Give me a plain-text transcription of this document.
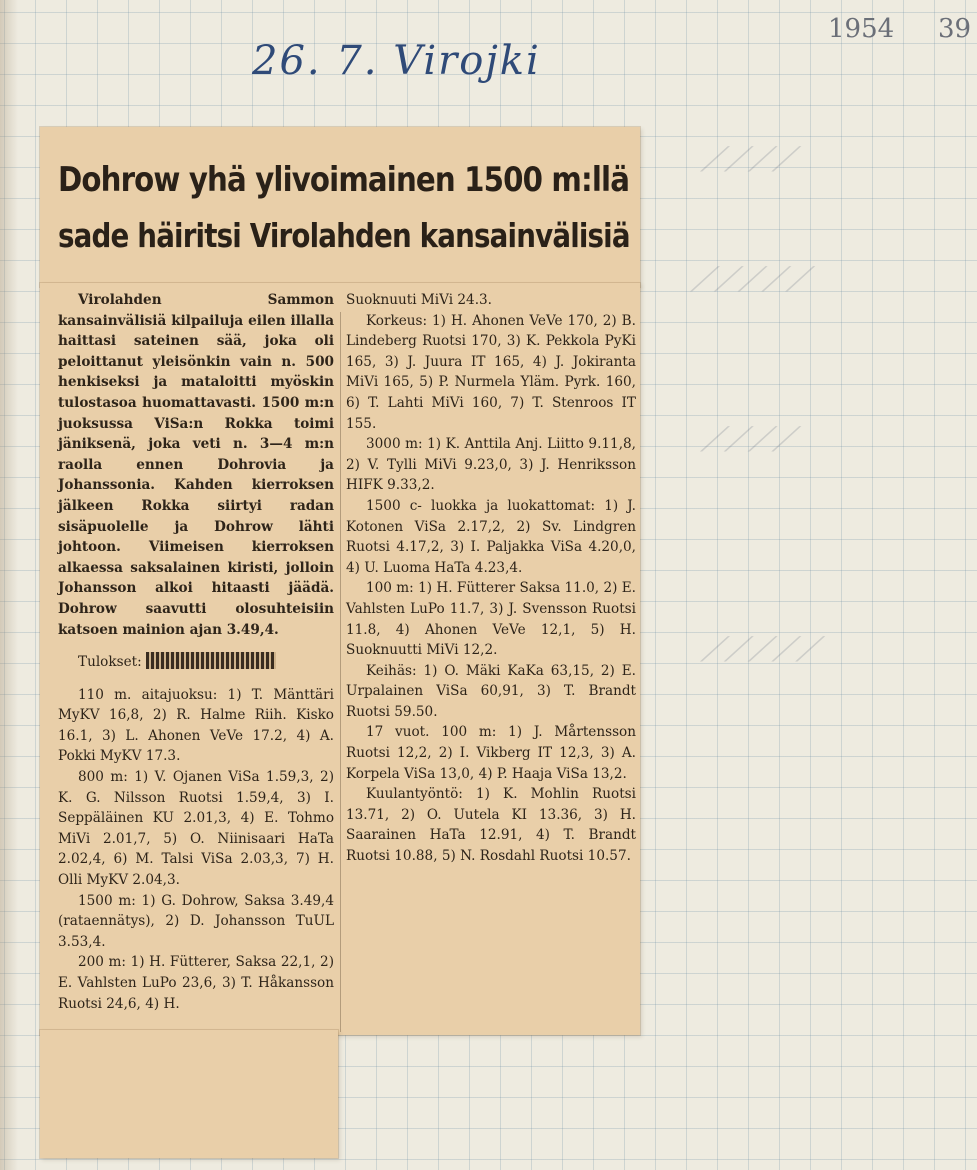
26. 7. Virojki
1954 39
⟋⟋⟋⟋
⟋⟋⟋⟋⟋
⟋⟋⟋⟋
⟋⟋⟋⟋⟋
Dohrow yhä ylivoimainen 1500 m:llä
sade häiritsi Virolahden kansainvälisiä

Virolahden Sammon kansainvälisiä kilpailuja eilen illalla haittasi sateinen sää, joka oli peloittanut yleisönkin vain n. 500 henkiseksi ja mataloitti myöskin tulostasoa huomattavasti. 1500 m:n juoksussa ViSa:n Rokka toimi jäniksenä, joka veti n. 3—4 m:n raolla ennen Dohrovia ja Johanssonia. Kahden kierroksen jälkeen Rokka siirtyi radan sisäpuolelle ja Dohrow lähti johtoon. Viimeisen kierroksen alkaessa saksalainen kiristi, jolloin Johansson alkoi hitaasti jäädä. Dohrow saavutti olosuhteisiin katsoen mainion ajan 3.49,4.

Tulokset:

110 m. aitajuoksu: 1) T. Mänttäri MyKV 16,8, 2) R. Halme Riih. Kisko 16.1, 3) L. Ahonen VeVe 17.2, 4) A. Pokki MyKV 17.3.

800 m: 1) V. Ojanen ViSa 1.59,3, 2) K. G. Nilsson Ruotsi 1.59,4, 3) I. Seppäläinen KU 2.01,3, 4) E. Tohmo MiVi 2.01,7, 5) O. Niinisaari HaTa 2.02,4, 6) M. Talsi ViSa 2.03,3, 7) H. Olli MyKV 2.04,3.

1500 m: 1) G. Dohrow, Saksa 3.49,4 (rataennätys), 2) D. Johansson TuUL 3.53,4.

200 m: 1) H. Fütterer, Saksa 22,1, 2) E. Vahlsten LuPo 23,6, 3) T. Håkansson Ruotsi 24,6, 4) H.

Suoknuuti MiVi 24.3.

Korkeus: 1) H. Ahonen VeVe 170, 2) B. Lindeberg Ruotsi 170, 3) K. Pekkola PyKi 165, 3) J. Juura IT 165, 4) J. Jokiranta MiVi 165, 5) P. Nurmela Yläm. Pyrk. 160, 6) T. Lahti MiVi 160, 7) T. Stenroos IT 155.

3000 m: 1) K. Anttila Anj. Liitto 9.11,8, 2) V. Tylli MiVi 9.23,0, 3) J. Henriksson HIFK 9.33,2.

1500 c- luokka ja luokattomat: 1) J. Kotonen ViSa 2.17,2, 2) Sv. Lindgren Ruotsi 4.17,2, 3) I. Paljakka ViSa 4.20,0, 4) U. Luoma HaTa 4.23,4.

100 m: 1) H. Fütterer Saksa 11.0, 2) E. Vahlsten LuPo 11.7, 3) J. Svensson Ruotsi 11.8, 4) Ahonen VeVe 12,1, 5) H. Suoknuutti MiVi 12,2.

Keihäs: 1) O. Mäki KaKa 63,15, 2) E. Urpalainen ViSa 60,91, 3) T. Brandt Ruotsi 59.50.

17 vuot. 100 m: 1) J. Mårtensson Ruotsi 12,2, 2) I. Vikberg IT 12,3, 3) A. Korpela ViSa 13,0, 4) P. Haaja ViSa 13,2.

Kuulantyöntö: 1) K. Mohlin Ruotsi 13.71, 2) O. Uutela KI 13.36, 3) H. Saarainen HaTa 12.91, 4) T. Brandt Ruotsi 10.88, 5) N. Rosdahl Ruotsi 10.57.
